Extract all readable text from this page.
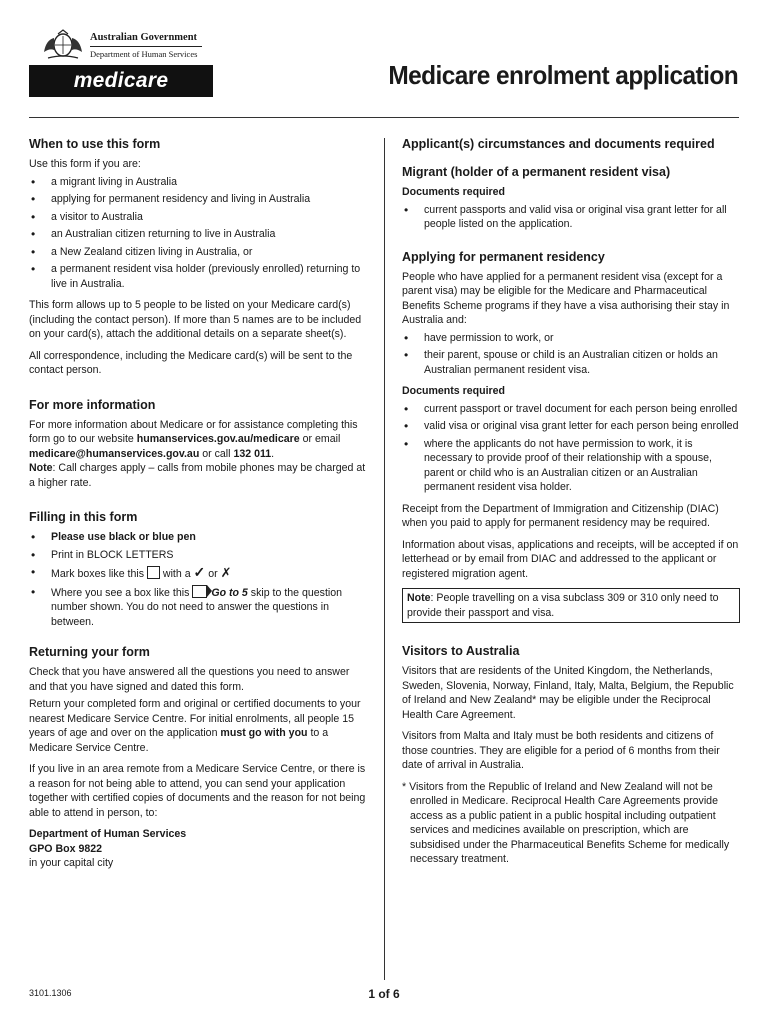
Australian Government
Department of Human Services
medicare	Medicare enrolment application
When to use this form

Use this form if you are:

• a migrant living in Australia
• applying for permanent residency and living in Australia
• a visitor to Australia
• an Australian citizen returning to live in Australia
• a New Zealand citizen living in Australia, or
• a permanent resident visa holder (previously enrolled) returning to live in Australia.

This form allows up to 5 people to be listed on your Medicare card(s) (including the contact person). If more than 5 names are to be included on your card(s), attach the additional details on a separate sheet(s).

All correspondence, including the Medicare card(s) will be sent to the contact person.

For more information

For more information about Medicare or for assistance completing this form go to our website humanservices.gov.au/medicare or email medicare@humanservices.gov.au or call 132 011.

Note: Call charges apply – calls from mobile phones may be charged at a higher rate.

Filling in this form
• Please use black or blue pen
• Print in BLOCK LETTERS
• Mark boxes like this  with a ✓ or ✗
• Where you see a box like this Go to 5 skip to the question number shown. You do not need to answer the questions in between.
Returning your form

Check that you have answered all the questions you need to answer and that you have signed and dated this form.

Return your completed form and original or certified documents to your nearest Medicare Service Centre. For initial enrolments, all people 15 years of age and over on the application must go with you to a Medicare Service Centre.

If you live in an area remote from a Medicare Service Centre, or there is a reason for not being able to attend, you can send your application together with certified copies of documents and the reason for not being able to attend in person, to:

Department of Human Services
GPO Box 9822
in your capital city
Applicant(s) circumstances and documents required
Migrant (holder of a permanent resident visa)
Documents required
• current passports and valid visa or original visa grant letter for all people listed on the application.
Applying for permanent residency

People who have applied for a permanent resident visa (except for a parent visa) may be eligible for the Medicare and Pharmaceutical Benefits Scheme programs if they have a visa authorising their stay in Australia and:

• have permission to work, or
• their parent, spouse or child is an Australian citizen or holds an Australian permanent resident visa.
Documents required
• current passport or travel document for each person being enrolled
• valid visa or original visa grant letter for each person being enrolled
• where the applicants do not have permission to work, it is necessary to provide proof of their relationship with a spouse, parent or child who is an Australian citizen or an Australian permanent resident visa holder.

Receipt from the Department of Immigration and Citizenship (DIAC) when you paid to apply for permanent residency may be required.

Information about visas, applications and receipts, will be accepted if on letterhead or by email from DIAC and addressed to the applicant or registered migration agent.

Note: People travelling on a visa subclass 309 or 310 only need to provide their passport and visa.
Visitors to Australia

Visitors that are residents of the United Kingdom, the Netherlands, Sweden, Slovenia, Norway, Finland, Italy, Malta, Belgium, the Republic of Ireland and New Zealand* may be eligible under the Reciprocal Health Care Agreement.

Visitors from Malta and Italy must be both residents and citizens of those countries. They are eligible for a period of 6 months from their date of arrival in Australia.

* Visitors from the Republic of Ireland and New Zealand will not be enrolled in Medicare. Reciprocal Health Care Agreements provide access as a public patient in a public hospital including outpatient services and medicines available on prescription, which are subsidised under the Pharmaceutical Benefits Scheme for medically necessary treatment.

3101.1306	1 of 6
